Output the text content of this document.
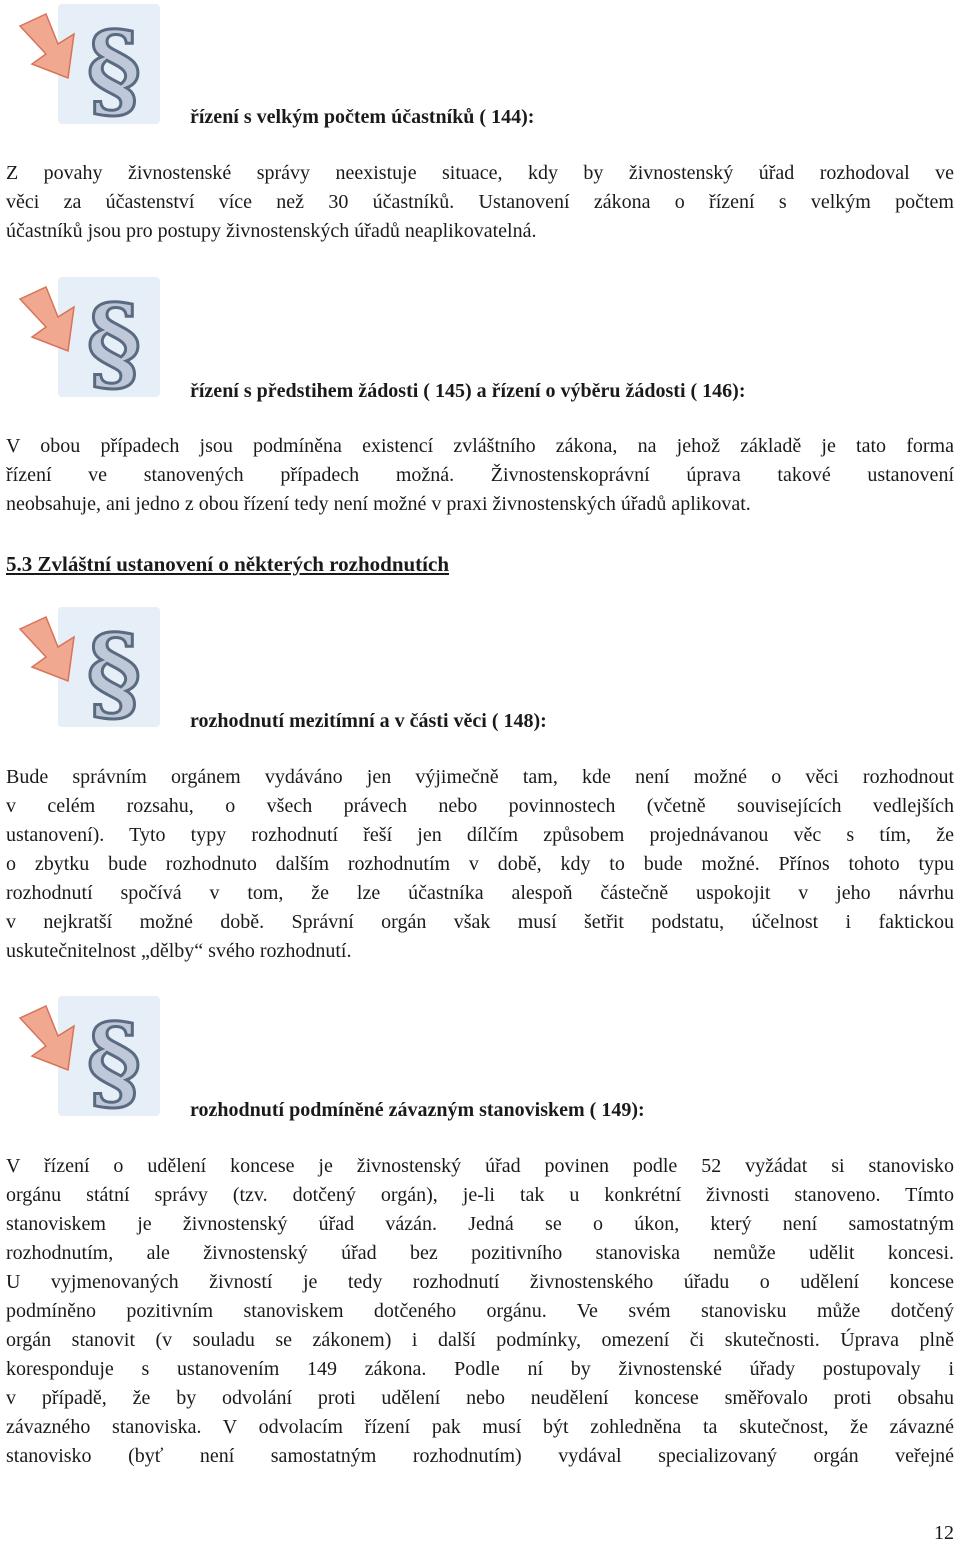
§ řízení s velkým počtem účastníků ( 144):

Z povahy živnostenské správy neexistuje situace, kdy by živnostenský úřad rozhodoval ve
věci za účastenství více než 30 účastníků. Ustanovení zákona o řízení s velkým počtem
účastníků jsou pro postupy živnostenských úřadů neaplikovatelná.

§ řízení s předstihem žádosti ( 145) a řízení o výběru žádosti ( 146):

V obou případech jsou podmíněna existencí zvláštního zákona, na jehož základě je tato forma
řízení ve stanovených případech možná. Živnostenskoprávní úprava takové ustanovení
neobsahuje, ani jedno z obou řízení tedy není možné v praxi živnostenských úřadů aplikovat.

5.3 Zvláštní ustanovení o některých rozhodnutích
§ rozhodnutí mezitímní a v části věci ( 148):

Bude správním orgánem vydáváno jen výjimečně tam, kde není možné o věci rozhodnout
v celém rozsahu, o všech právech nebo povinnostech (včetně souvisejících vedlejších
ustanovení). Tyto typy rozhodnutí řeší jen dílčím způsobem projednávanou věc s tím, že
o zbytku bude rozhodnuto dalším rozhodnutím v době, kdy to bude možné. Přínos tohoto typu
rozhodnutí spočívá v tom, že lze účastníka alespoň částečně uspokojit v jeho návrhu
v nejkratší možné době. Správní orgán však musí šetřit podstatu, účelnost i faktickou
uskutečnitelnost „dělby“ svého rozhodnutí.

§ rozhodnutí podmíněné závazným stanoviskem ( 149):

V řízení o udělení koncese je živnostenský úřad povinen podle 52 vyžádat si stanovisko
orgánu státní správy (tzv. dotčený orgán), je-li tak u konkrétní živnosti stanoveno. Tímto
stanoviskem je živnostenský úřad vázán. Jedná se o úkon, který není samostatným
rozhodnutím, ale živnostenský úřad bez pozitivního stanoviska nemůže udělit koncesi.
U vyjmenovaných živností je tedy rozhodnutí živnostenského úřadu o udělení koncese
podmíněno pozitivním stanoviskem dotčeného orgánu. Ve svém stanovisku může dotčený
orgán stanovit (v souladu se zákonem) i další podmínky, omezení či skutečnosti. Úprava plně
koresponduje s ustanovením 149 zákona. Podle ní by živnostenské úřady postupovaly i
v případě, že by odvolání proti udělení nebo neudělení koncese směřovalo proti obsahu
závazného stanoviska. V odvolacím řízení pak musí být zohledněna ta skutečnost, že závazné
stanovisko (byť není samostatným rozhodnutím) vydával specializovaný orgán veřejné

12
